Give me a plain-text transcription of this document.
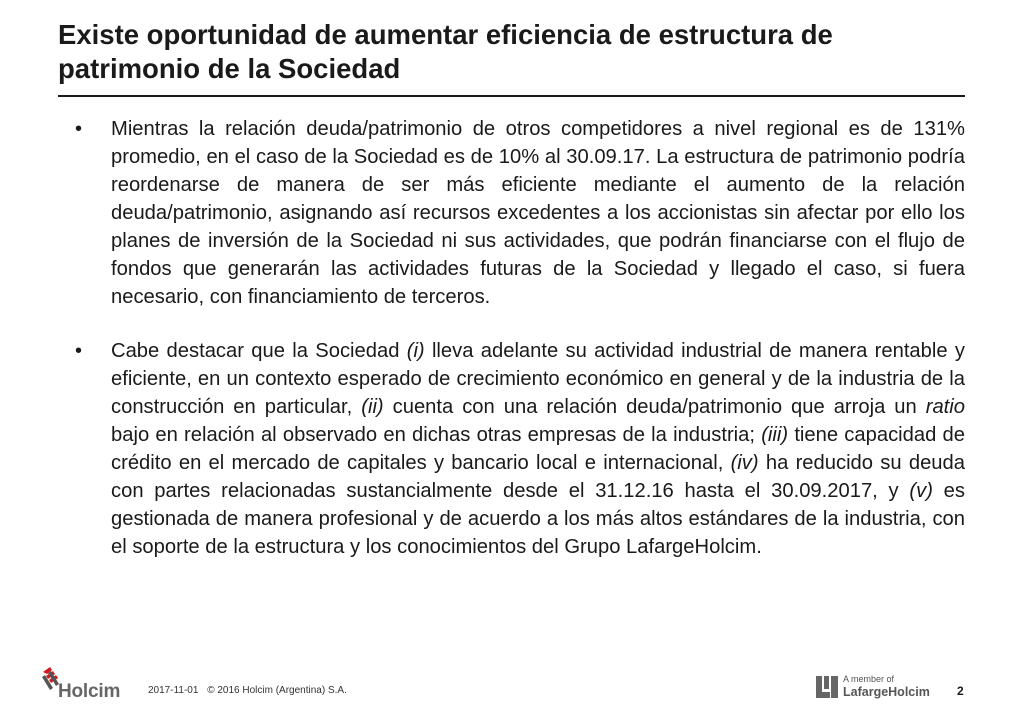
Existe oportunidad de aumentar eficiencia de estructura de patrimonio de la Sociedad
• Mientras la relación deuda/patrimonio de otros competidores a nivel regional es de 131% promedio, en el caso de la Sociedad es de 10% al 30.09.17. La estructura de patrimonio podría reordenarse de manera de ser más eficiente mediante el aumento de la relación deuda/patrimonio, asignando así recursos excedentes a los accionistas sin afectar por ello los planes de inversión de la Sociedad ni sus actividades, que podrán financiarse con el flujo de fondos que generarán las actividades futuras de la Sociedad y llegado el caso, si fuera necesario, con financiamiento de terceros.
• Cabe destacar que la Sociedad (i) lleva adelante su actividad industrial de manera rentable y eficiente, en un contexto esperado de crecimiento económico en general y de la industria de la construcción en particular, (ii) cuenta con una relación deuda/patrimonio que arroja un ratio bajo en relación al observado en dichas otras empresas de la industria; (iii) tiene capacidad de crédito en el mercado de capitales y bancario local e internacional, (iv) ha reducido su deuda con partes relacionadas sustancialmente desde el 31.12.16 hasta el 30.09.2017, y (v) es gestionada de manera profesional y de acuerdo a los más altos estándares de la industria, con el soporte de la estructura y los conocimientos del Grupo LafargeHolcim.
Holcim	2017-11-01 © 2016 Holcim (Argentina) S.A.
A member of
LafargeHolcim 2
